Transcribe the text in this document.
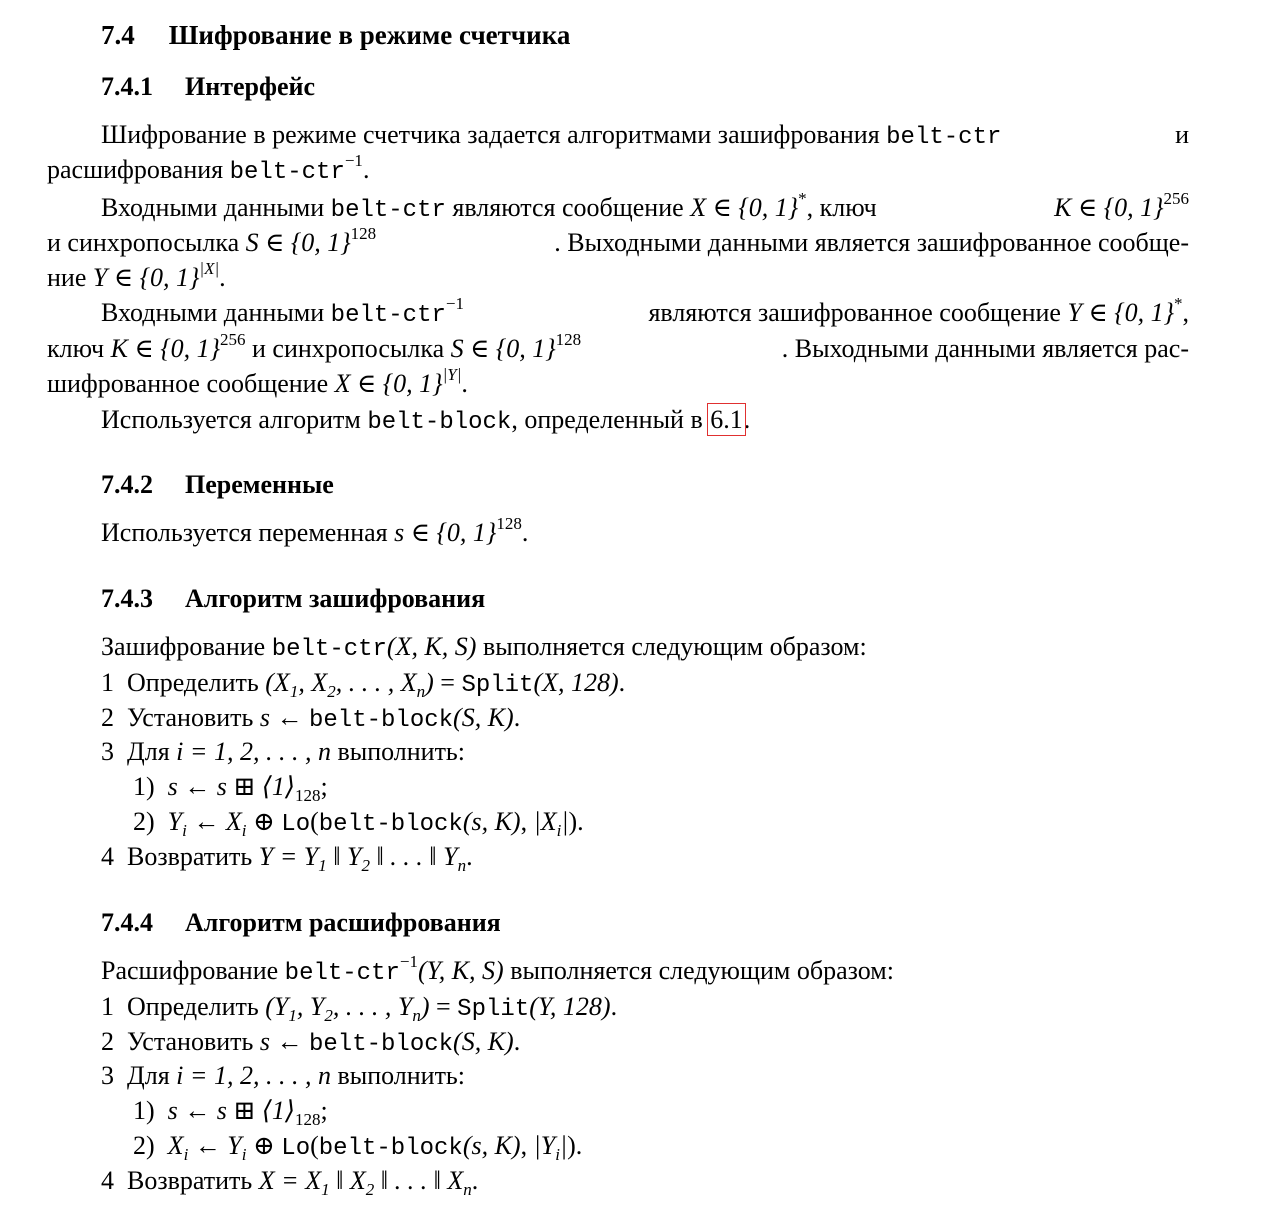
7.4 Шифрование в режиме счетчика
7.4.1 Интерфейс
Шифрование в режиме счетчика задается алгоритмами зашифрования belt-ctr	и
расшифрования belt-ctr$^{-1}$.
Входными данными belt-ctr являются сообщение X ∈ {0, 1}*, ключ	K ∈ {0, 1}$^{256}$
и синхропосылка S ∈ {0, 1}$^{128}$	. Выходными данными является зашифрованное сообще-
ние Y ∈ {0, 1}$^{|X|}$.
Входными данными belt-ctr$^{-1}$	являются зашифрованное сообщение Y ∈ {0, 1}*,
ключ K ∈ {0, 1}$^{256}$ и синхропосылка S ∈ {0, 1}$^{128}$	. Выходными данными является рас-
шифрованное сообщение X ∈ {0, 1}$^{|Y|}$.
Используется алгоритм belt-block, определенный в 6.1.
7.4.2 Переменные
Используется переменная s ∈ {0, 1}$^{128}$.
7.4.3 Алгоритм зашифрования
Зашифрование belt-ctr(X, K, S) выполняется следующим образом:
1 Определить ($X_1$, $X_2$, . . . , $X_n$) = Split(X, 128).
2 Установить s ← belt-block(S, K).
3 Для i = 1, 2, . . . , n выполнить:
1) s ← s ⊞ $⟨1⟩_{128}$;
2) $Y_i$ ← $X_i$ ⊕ Lo(belt-block(s, K), $|X_i|$).
4 Возвратить $Y = Y_1$ ‖ $Y_2$ ‖ . . . ‖ $Y_n$.
7.4.4 Алгоритм расшифрования
Расшифрование belt-ctr$^{-1}$(Y, K, S) выполняется следующим образом:
1 Определить ($Y_1$, $Y_2$, . . . , $Y_n$) = Split(Y, 128).
2 Установить s ← belt-block(S, K).
3 Для i = 1, 2, . . . , n выполнить:
1) s ← s ⊞ $⟨1⟩_{128}$;
2) $X_i$ ← $Y_i$ ⊕ Lo(belt-block(s, K), $|Y_i|$).
4 Возвратить $X = X_1$ ‖ $X_2$ ‖ . . . ‖ $X_n$.
